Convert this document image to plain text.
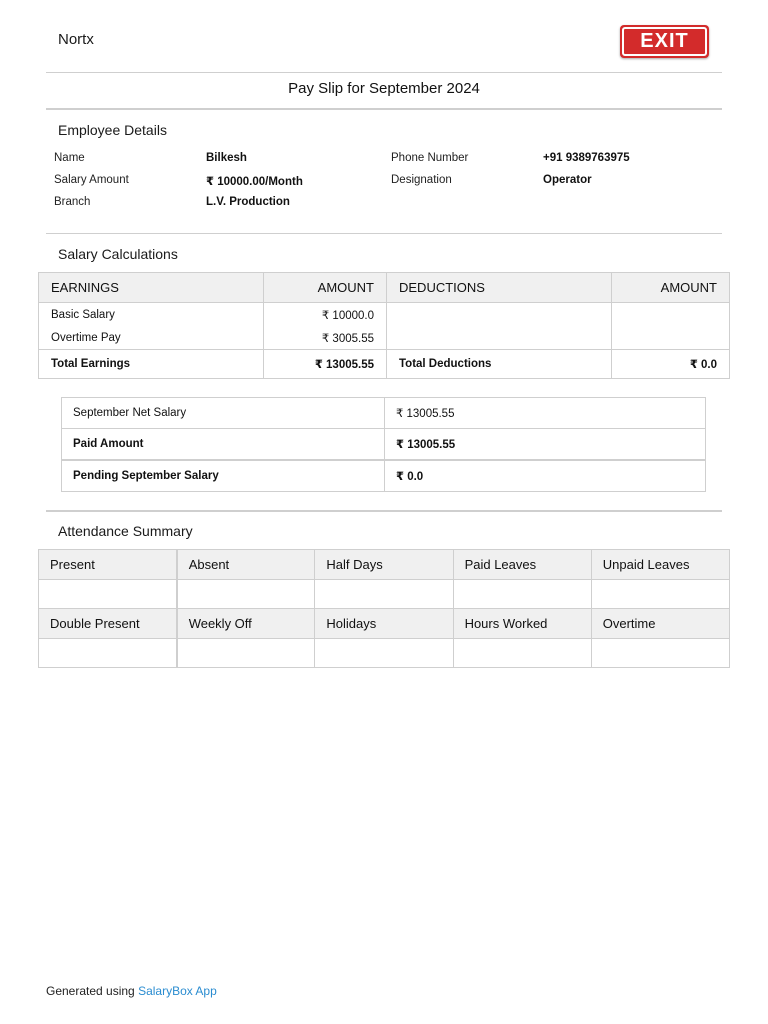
Nortx	EXIT
Pay Slip for September 2024
Employee Details
Name	Bilkesh	Phone Number	+91 9389763975
Salary Amount	₹ 10000.00/Month	Designation	Operator
Branch	L.V. Production
Salary Calculations
EARNINGS	AMOUNT	DEDUCTIONS	AMOUNT
Basic Salary	₹ 10000.0		
Overtime Pay	₹ 3005.55		
Total Earnings	₹ 13005.55	Total Deductions	₹ 0.0
September Net Salary	₹ 13005.55
Paid Amount	₹ 13005.55
Pending September Salary	₹ 0.0
Attendance Summary
Present	Absent	Half Days	Paid Leaves	Unpaid Leaves

Double Present	Weekly Off	Holidays	Hours Worked	Overtime

Generated using SalaryBox App
